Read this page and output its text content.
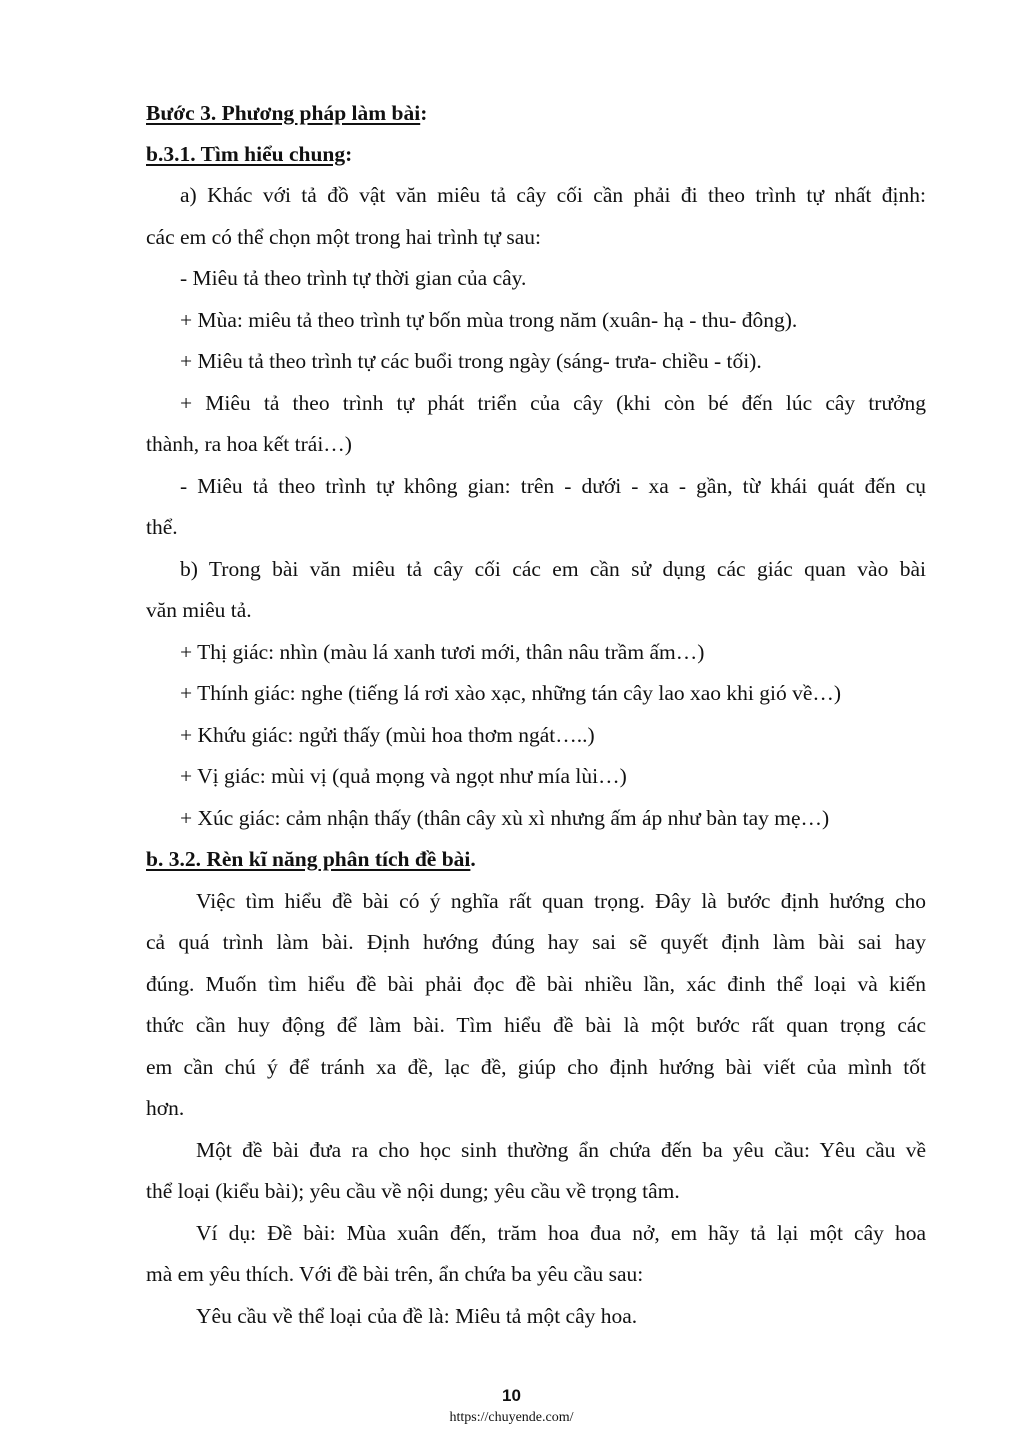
Bước 3. Phương pháp làm bài:
b.3.1. Tìm hiểu chung:
a) Khác với tả đồ vật văn miêu tả cây cối cần phải đi theo trình tự nhất định:
các em có thể chọn một trong hai trình tự sau:
- Miêu tả theo trình tự thời gian của cây.
+ Mùa: miêu tả theo trình tự bốn mùa trong năm (xuân- hạ - thu- đông).
+ Miêu tả theo trình tự các buổi trong ngày (sáng- trưa- chiều - tối).
+ Miêu tả theo trình tự phát triển của cây (khi còn bé đến lúc cây trưởng
thành, ra hoa kết trái…)
- Miêu tả theo trình tự không gian: trên - dưới - xa - gần, từ khái quát đến cụ
thể.
b) Trong bài văn miêu tả cây cối các em cần sử dụng các giác quan vào bài
văn miêu tả.
+ Thị giác: nhìn (màu lá xanh tươi mới, thân nâu trầm ấm…)
+ Thính giác: nghe (tiếng lá rơi xào xạc, những tán cây lao xao khi gió về…)
+ Khứu giác: ngửi thấy (mùi hoa thơm ngát…..)
+ Vị giác: mùi vị (quả mọng và ngọt như mía lùi…)
+ Xúc giác: cảm nhận thấy (thân cây xù xì nhưng ấm áp như bàn tay mẹ…)
b. 3.2. Rèn kĩ năng phân tích đề bài.
Việc tìm hiểu đề bài có ý nghĩa rất quan trọng. Đây là bước định hướng cho
cả quá trình làm bài. Định hướng đúng hay sai sẽ quyết định làm bài sai hay
đúng. Muốn tìm hiểu đề bài phải đọc đề bài nhiều lần, xác đinh thể loại và kiến
thức cần huy động để làm bài. Tìm hiểu đề bài là một bước rất quan trọng các
em cần chú ý để tránh xa đề, lạc đề, giúp cho định hướng bài viết của mình tốt
hơn.
Một đề bài đưa ra cho học sinh thường ẩn chứa đến ba yêu cầu: Yêu cầu về
thể loại (kiểu bài); yêu cầu về nội dung; yêu cầu về trọng tâm.
Ví dụ: Đề bài: Mùa xuân đến, trăm hoa đua nở, em hãy tả lại một cây hoa
mà em yêu thích. Với đề bài trên, ẩn chứa ba yêu cầu sau:
Yêu cầu về thể loại của đề là: Miêu tả một cây hoa.
10
https://chuyende.com/
